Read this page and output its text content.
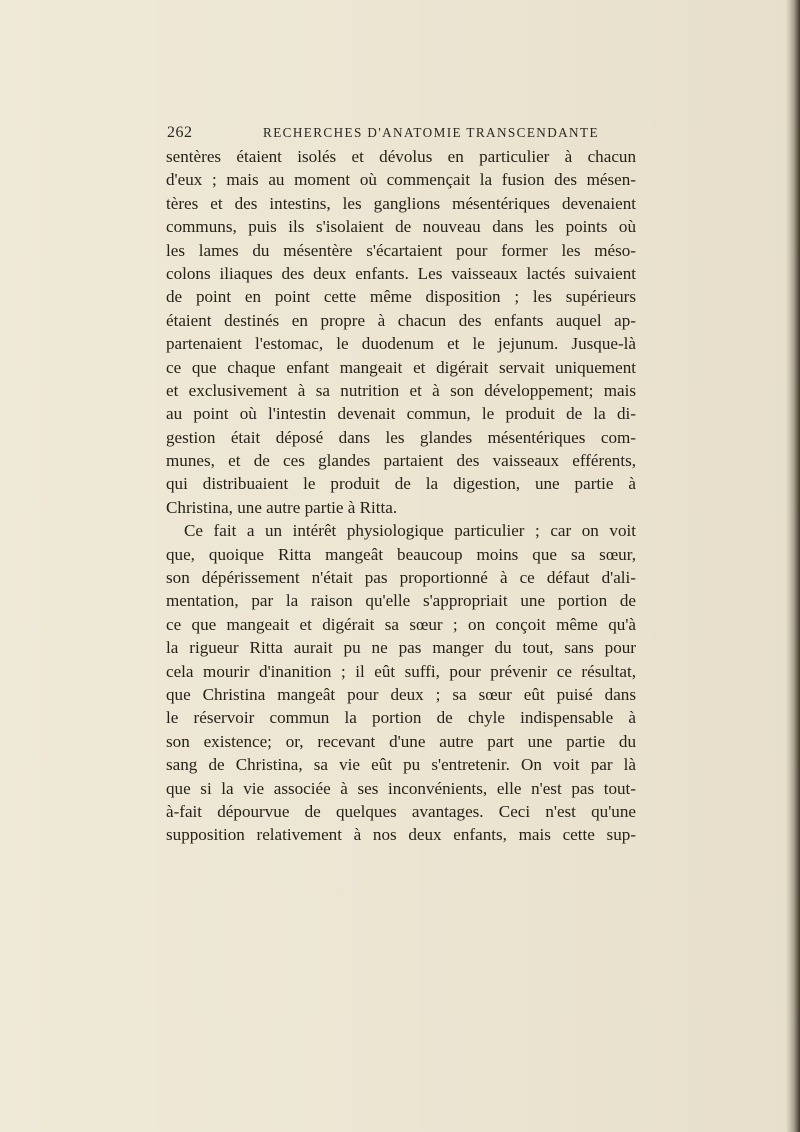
262	RECHERCHES D'ANATOMIE TRANSCENDANTE
sentères étaient isolés et dévolus en particulier à chacun
d'eux ; mais au moment où commençait la fusion des mésen-
tères et des intestins, les ganglions mésentériques devenaient
communs, puis ils s'isolaient de nouveau dans les points où
les lames du mésentère s'écartaient pour former les méso-
colons iliaques des deux enfants. Les vaisseaux lactés suivaient
de point en point cette même disposition ; les supérieurs
étaient destinés en propre à chacun des enfants auquel ap-
partenaient l'estomac, le duodenum et le jejunum. Jusque-là
ce que chaque enfant mangeait et digérait servait uniquement
et exclusivement à sa nutrition et à son développement; mais
au point où l'intestin devenait commun, le produit de la di-
gestion était déposé dans les glandes mésentériques com-
munes, et de ces glandes partaient des vaisseaux efférents,
qui distribuaient le produit de la digestion, une partie à
Christina, une autre partie à Ritta.
Ce fait a un intérêt physiologique particulier ; car on voit
que, quoique Ritta mangeât beaucoup moins que sa sœur,
son dépérissement n'était pas proportionné à ce défaut d'ali-
mentation, par la raison qu'elle s'appropriait une portion de
ce que mangeait et digérait sa sœur ; on conçoit même qu'à
la rigueur Ritta aurait pu ne pas manger du tout, sans pour
cela mourir d'inanition ; il eût suffi, pour prévenir ce résultat,
que Christina mangeât pour deux ; sa sœur eût puisé dans
le réservoir commun la portion de chyle indispensable à
son existence; or, recevant d'une autre part une partie du
sang de Christina, sa vie eût pu s'entretenir. On voit par là
que si la vie associée à ses inconvénients, elle n'est pas tout-
à-fait dépourvue de quelques avantages. Ceci n'est qu'une
supposition relativement à nos deux enfants, mais cette sup-
